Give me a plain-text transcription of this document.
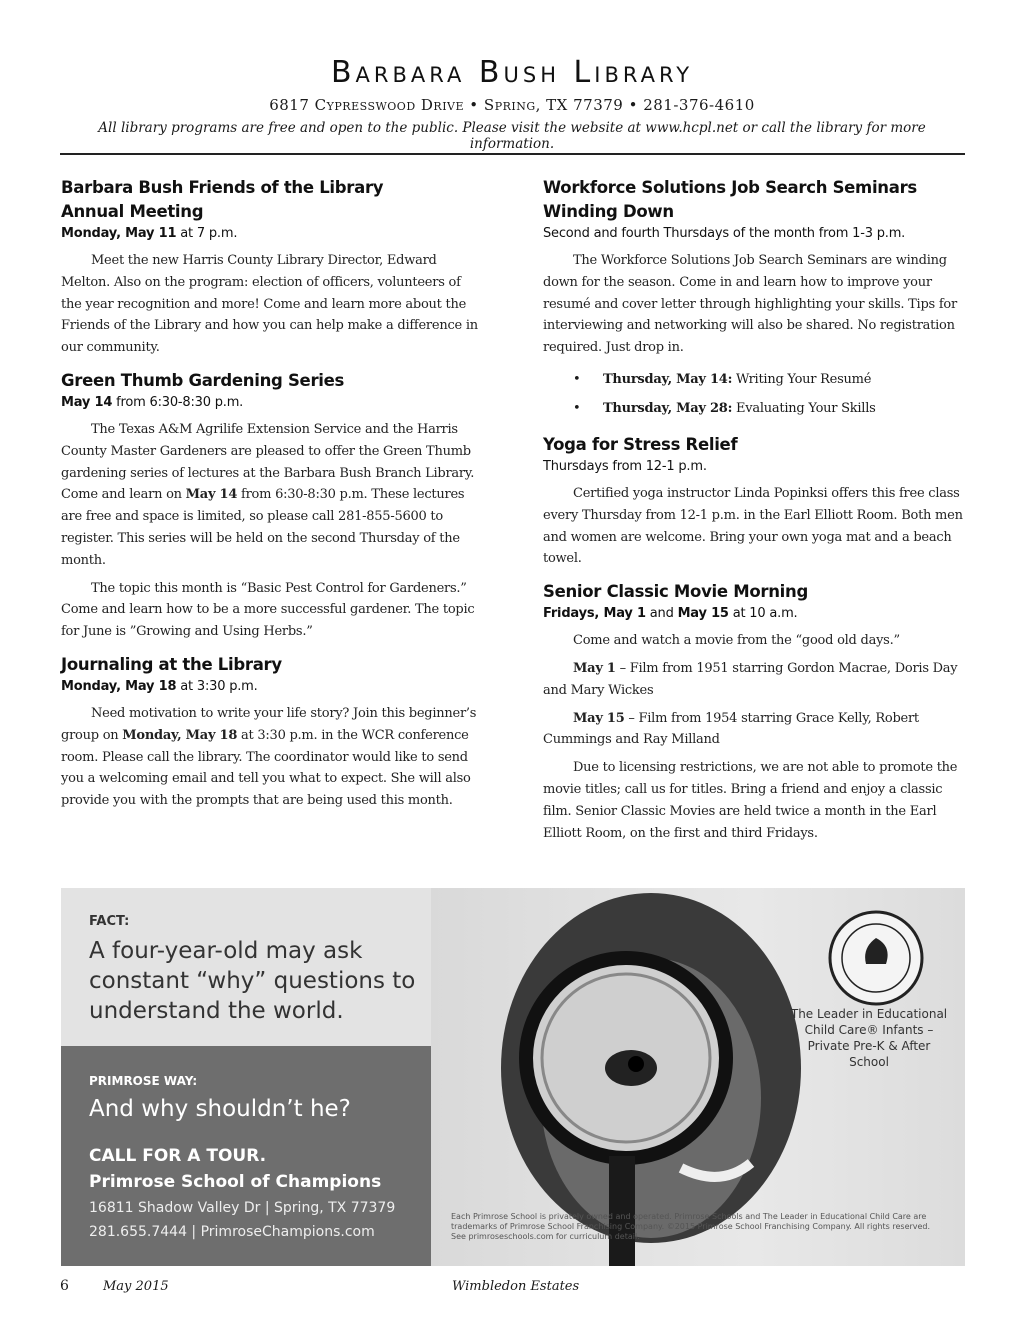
Barbara Bush Library
6817 Cypresswood Drive • Spring, TX 77379 • 281-376-4610
All library programs are free and open to the public. Please visit the website at www.hcpl.net or call the library for more information.
Barbara Bush Friends of the Library
Annual Meeting
Monday, May 11 at 7 p.m.

Meet the new Harris County Library Director, Edward Melton. Also on the program: election of officers, volunteers of the year recognition and more! Come and learn more about the Friends of the Library and how you can help make a difference in our community.

Green Thumb Gardening Series
May 14 from 6:30-8:30 p.m.

The Texas A&M Agrilife Extension Service and the Harris County Master Gardeners are pleased to offer the Green Thumb gardening series of lectures at the Barbara Bush Branch Library. Come and learn on May 14 from 6:30-8:30 p.m. These lectures are free and space is limited, so please call 281-855-5600 to register. This series will be held on the second Thursday of the month.

The topic this month is “Basic Pest Control for Gardeners.” Come and learn how to be a more successful gardener. The topic for June is ”Growing and Using Herbs.”

Journaling at the Library
Monday, May 18 at 3:30 p.m.

Need motivation to write your life story? Join this beginner’s group on Monday, May 18 at 3:30 p.m. in the WCR conference room. Please call the library. The coordinator would like to send you a welcoming email and tell you what to expect. She will also provide you with the prompts that are being used this month.

Workforce Solutions Job Search Seminars
Winding Down
Second and fourth Thursdays of the month from 1-3 p.m.

The Workforce Solutions Job Search Seminars are winding down for the season. Come in and learn how to improve your resumé and cover letter through highlighting your skills. Tips for interviewing and networking will also be shared. No registration required. Just drop in.

• Thursday, May 14: Writing Your Resumé
• Thursday, May 28: Evaluating Your Skills
Yoga for Stress Relief
Thursdays from 12-1 p.m.

Certified yoga instructor Linda Popinksi offers this free class every Thursday from 12-1 p.m. in the Earl Elliott Room. Both men and women are welcome. Bring your own yoga mat and a beach towel.

Senior Classic Movie Morning
Fridays, May 1 and May 15 at 10 a.m.

Come and watch a movie from the “good old days.”

May 1 – Film from 1951 starring Gordon Macrae, Doris Day and Mary Wickes

May 15 – Film from 1954 starring Grace Kelly, Robert Cummings and Ray Milland

Due to licensing restrictions, we are not able to promote the movie titles; call us for titles. Bring a friend and enjoy a classic film. Senior Classic Movies are held twice a month in the Earl Elliott Room, on the first and third Fridays.

FACT:
A four-year-old may ask constant “why” questions to understand the world.
PRIMROSE WAY:
And why shouldn’t he?
CALL FOR A TOUR.
Primrose School of Champions
16811 Shadow Valley Dr | Spring, TX 77379
281.655.7444 | PrimroseChampions.com
The Leader in Educational Child Care® Infants – Private Pre-K & After School
Each Primrose School is privately owned and operated. Primrose Schools and The Leader in Educational Child Care are trademarks of Primrose School Franchising Company. ©2015 Primrose School Franchising Company. All rights reserved. See primroseschools.com for curriculum detail.
6	May 2015	Wimbledon Estates
